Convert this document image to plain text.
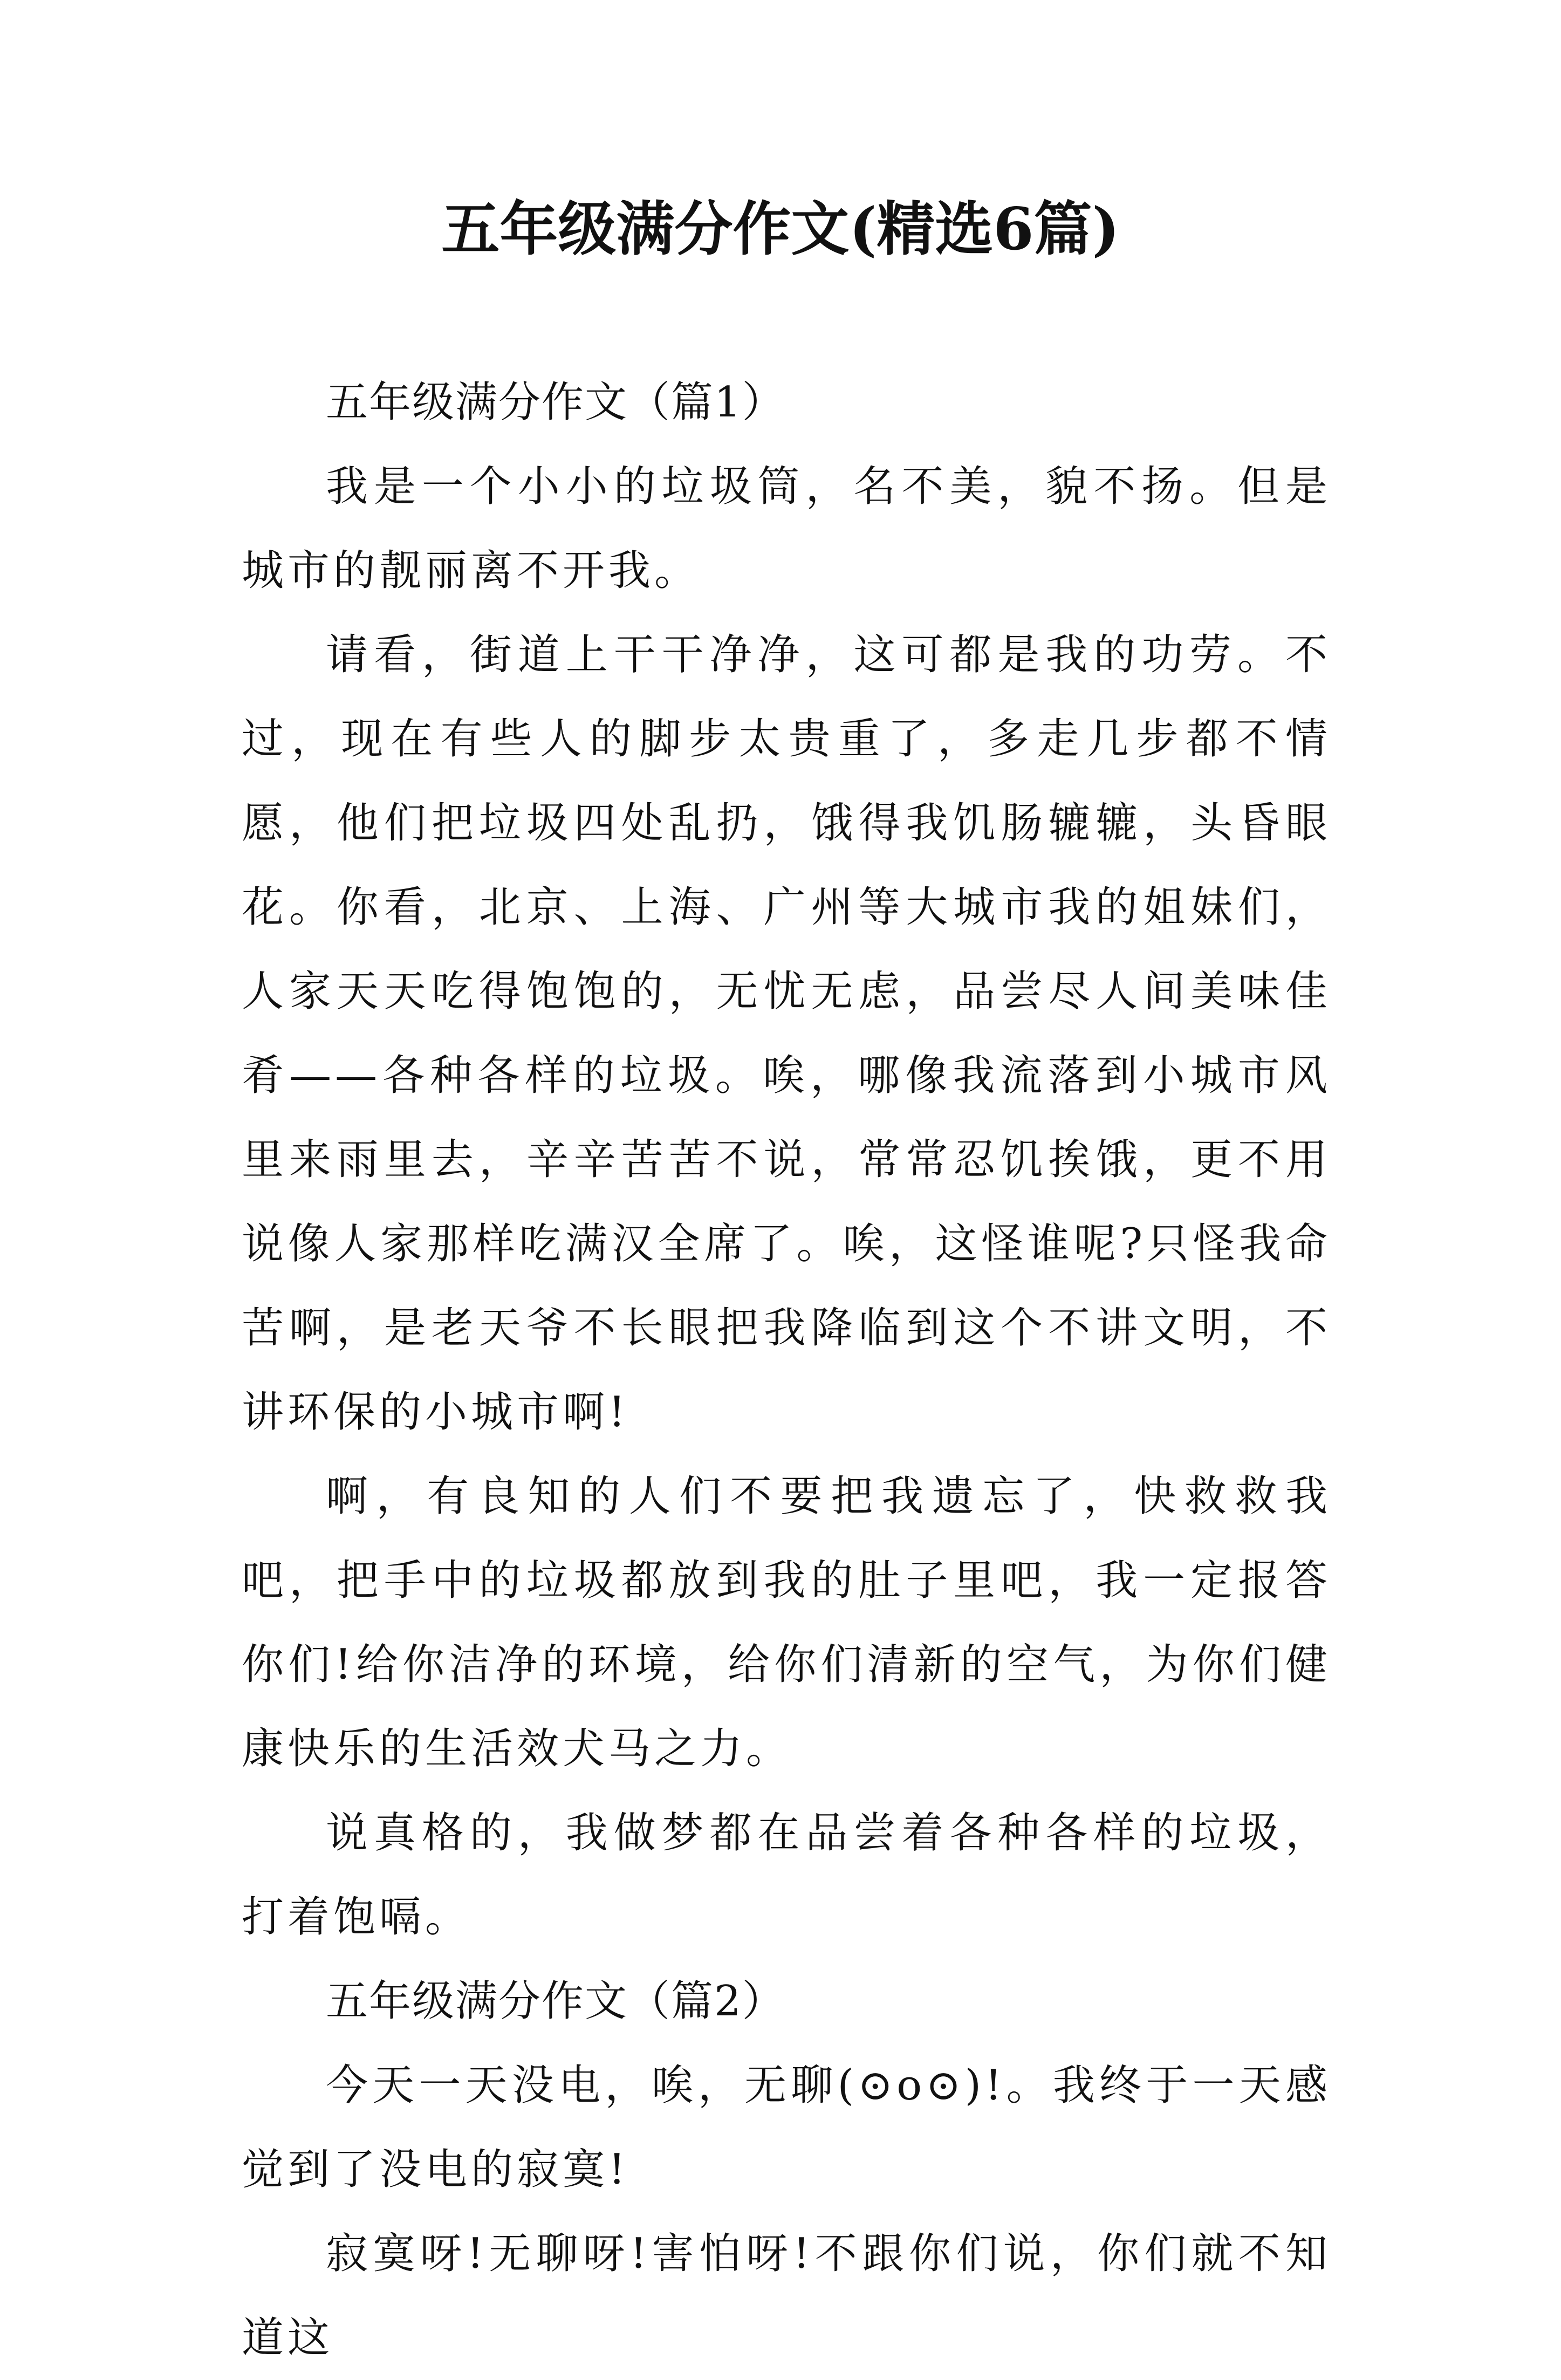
五年级满分作文(精选6篇)

五年级满分作文（篇1）

我是一个小小的垃圾筒，名不美，貌不扬。但是城市的靓丽离不开我。

请看，街道上干干净净，这可都是我的功劳。不过，现在有些人的脚步太贵重了，多走几步都不情愿，他们把垃圾四处乱扔，饿得我饥肠辘辘，头昏眼花。你看，北京、上海、广州等大城市我的姐妹们，人家天天吃得饱饱的，无忧无虑，品尝尽人间美味佳肴——各种各样的垃圾。唉，哪像我流落到小城市风里来雨里去，辛辛苦苦不说，常常忍饥挨饿，更不用说像人家那样吃满汉全席了。唉，这怪谁呢?只怪我命苦啊，是老天爷不长眼把我降临到这个不讲文明，不讲环保的小城市啊!

啊，有良知的人们不要把我遗忘了，快救救我吧，把手中的垃圾都放到我的肚子里吧，我一定报答你们!给你洁净的环境，给你们清新的空气，为你们健康快乐的生活效犬马之力。

说真格的，我做梦都在品尝着各种各样的垃圾，打着饱嗝。

五年级满分作文（篇2）

今天一天没电，唉，无聊(⊙o⊙)!。我终于一天感觉到了没电的寂寞!

寂寞呀!无聊呀!害怕呀!不跟你们说，你们就不知道这
